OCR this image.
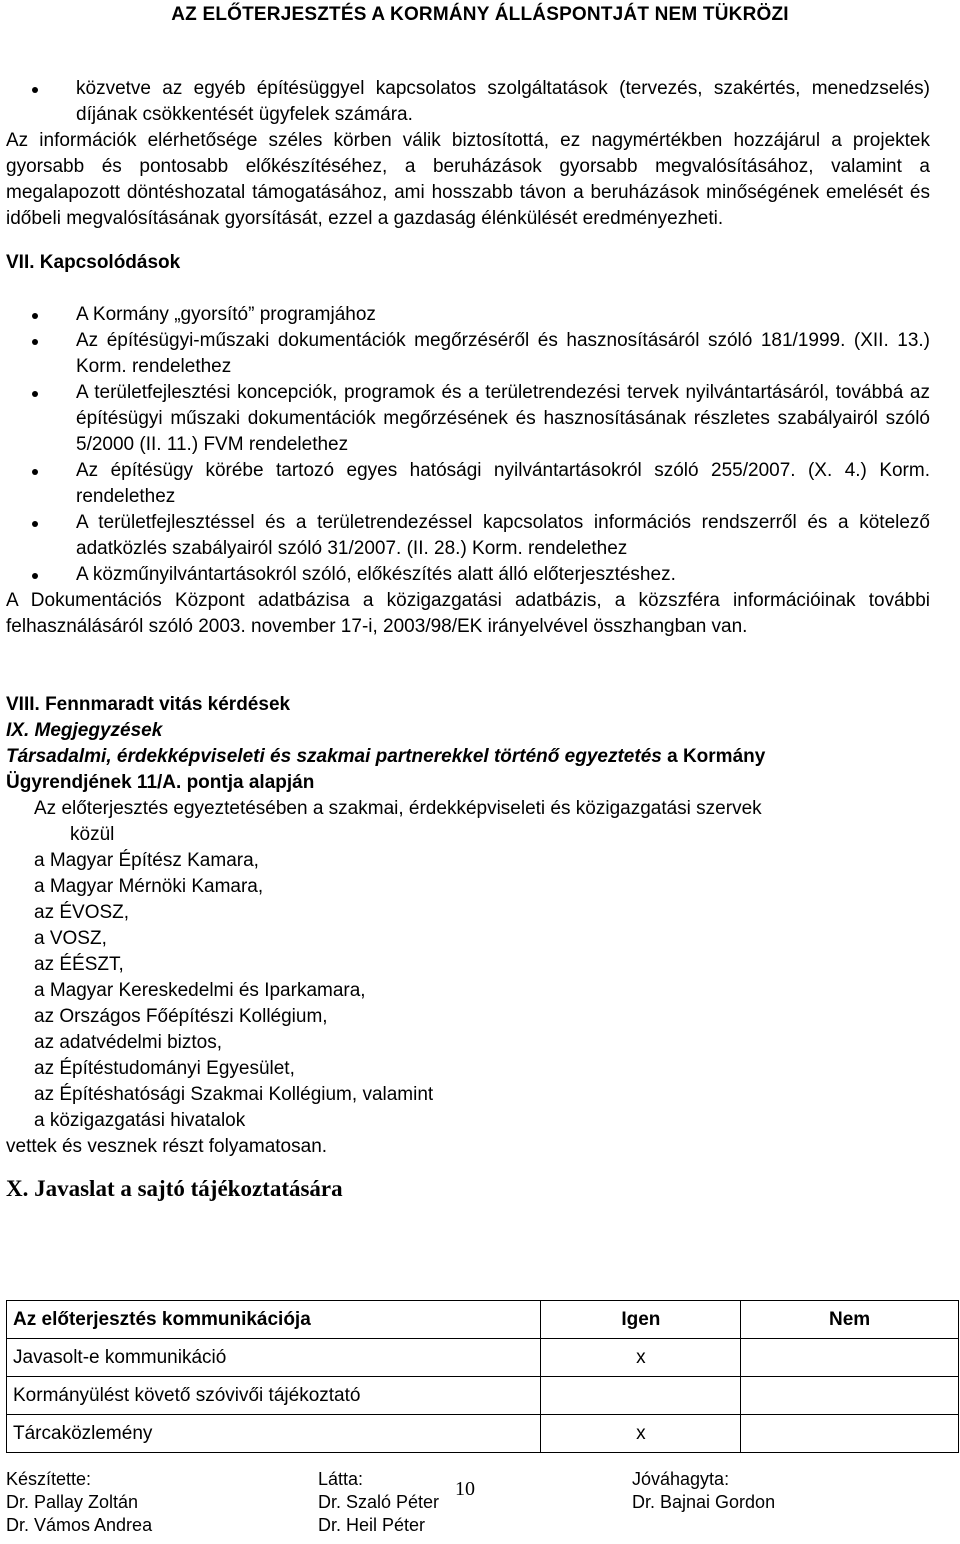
AZ ELŐTERJESZTÉS A KORMÁNY ÁLLÁSPONTJÁT NEM TÜKRÖZI
közvetve az egyéb építésüggyel kapcsolatos szolgáltatások (tervezés, szakértés, menedzselés) díjának csökkentését ügyfelek számára.

Az információk elérhetősége széles körben válik biztosítottá, ez nagymértékben hozzájárul a projektek gyorsabb és pontosabb előkészítéséhez, a beruházások gyorsabb megvalósításához, valamint a megalapozott döntéshozatal támogatásához, ami hosszabb távon a beruházások minőségének emelését és időbeli megvalósításának gyorsítását, ezzel a gazdaság élénkülését eredményezheti.

VII. Kapcsolódások
A Kormány „gyorsító” programjához
Az építésügyi-műszaki dokumentációk megőrzéséről és hasznosításáról szóló 181/1999. (XII. 13.) Korm. rendelethez
A területfejlesztési koncepciók, programok és a területrendezési tervek nyilvántartásáról, továbbá az építésügyi műszaki dokumentációk megőrzésének és hasznosításának részletes szabályairól szóló 5/2000 (II. 11.) FVM rendelethez
Az építésügy körébe tartozó egyes hatósági nyilvántartásokról szóló 255/2007. (X. 4.) Korm. rendelethez
A területfejlesztéssel és a területrendezéssel kapcsolatos információs rendszerről és a kötelező adatközlés szabályairól szóló 31/2007. (II. 28.) Korm. rendelethez
A közműnyilvántartásokról szóló, előkészítés alatt álló előterjesztéshez.

A Dokumentációs Központ adatbázisa a közigazgatási adatbázis, a közszféra információinak további felhasználásáról szóló 2003. november 17-i, 2003/98/EK irányelvével összhangban van.

VIII. Fennmaradt vitás kérdések
IX. Megjegyzések
Társadalmi, érdekképviseleti és szakmai partnerekkel történő egyeztetés a Kormány
Ügyrendjének 11/A. pontja alapján
Az előterjesztés egyeztetésében a szakmai, érdekképviseleti és közigazgatási szervek
közül
a Magyar Építész Kamara,
a Magyar Mérnöki Kamara,
az ÉVOSZ,
a VOSZ,
az ÉÉSZT,
a Magyar Kereskedelmi és Iparkamara,
az Országos Főépítészi Kollégium,
az adatvédelmi biztos,
az Építéstudományi Egyesület,
az Építéshatósági Szakmai Kollégium, valamint
a közigazgatási hivatalok
vettek és vesznek részt folyamatosan.
X. Javaslat a sajtó tájékoztatására
Az előterjesztés kommunikációja	Igen	Nem
Javasolt-e kommunikáció	x	
Kormányülést követő szóvivői tájékoztató		
Tárcaközlemény	x	
Készítette:
Dr. Pallay Zoltán
Dr. Vámos Andrea
Látta:
Dr. Szaló Péter
Dr. Heil Péter
10	Jóváhagyta:
Dr. Bajnai Gordon
